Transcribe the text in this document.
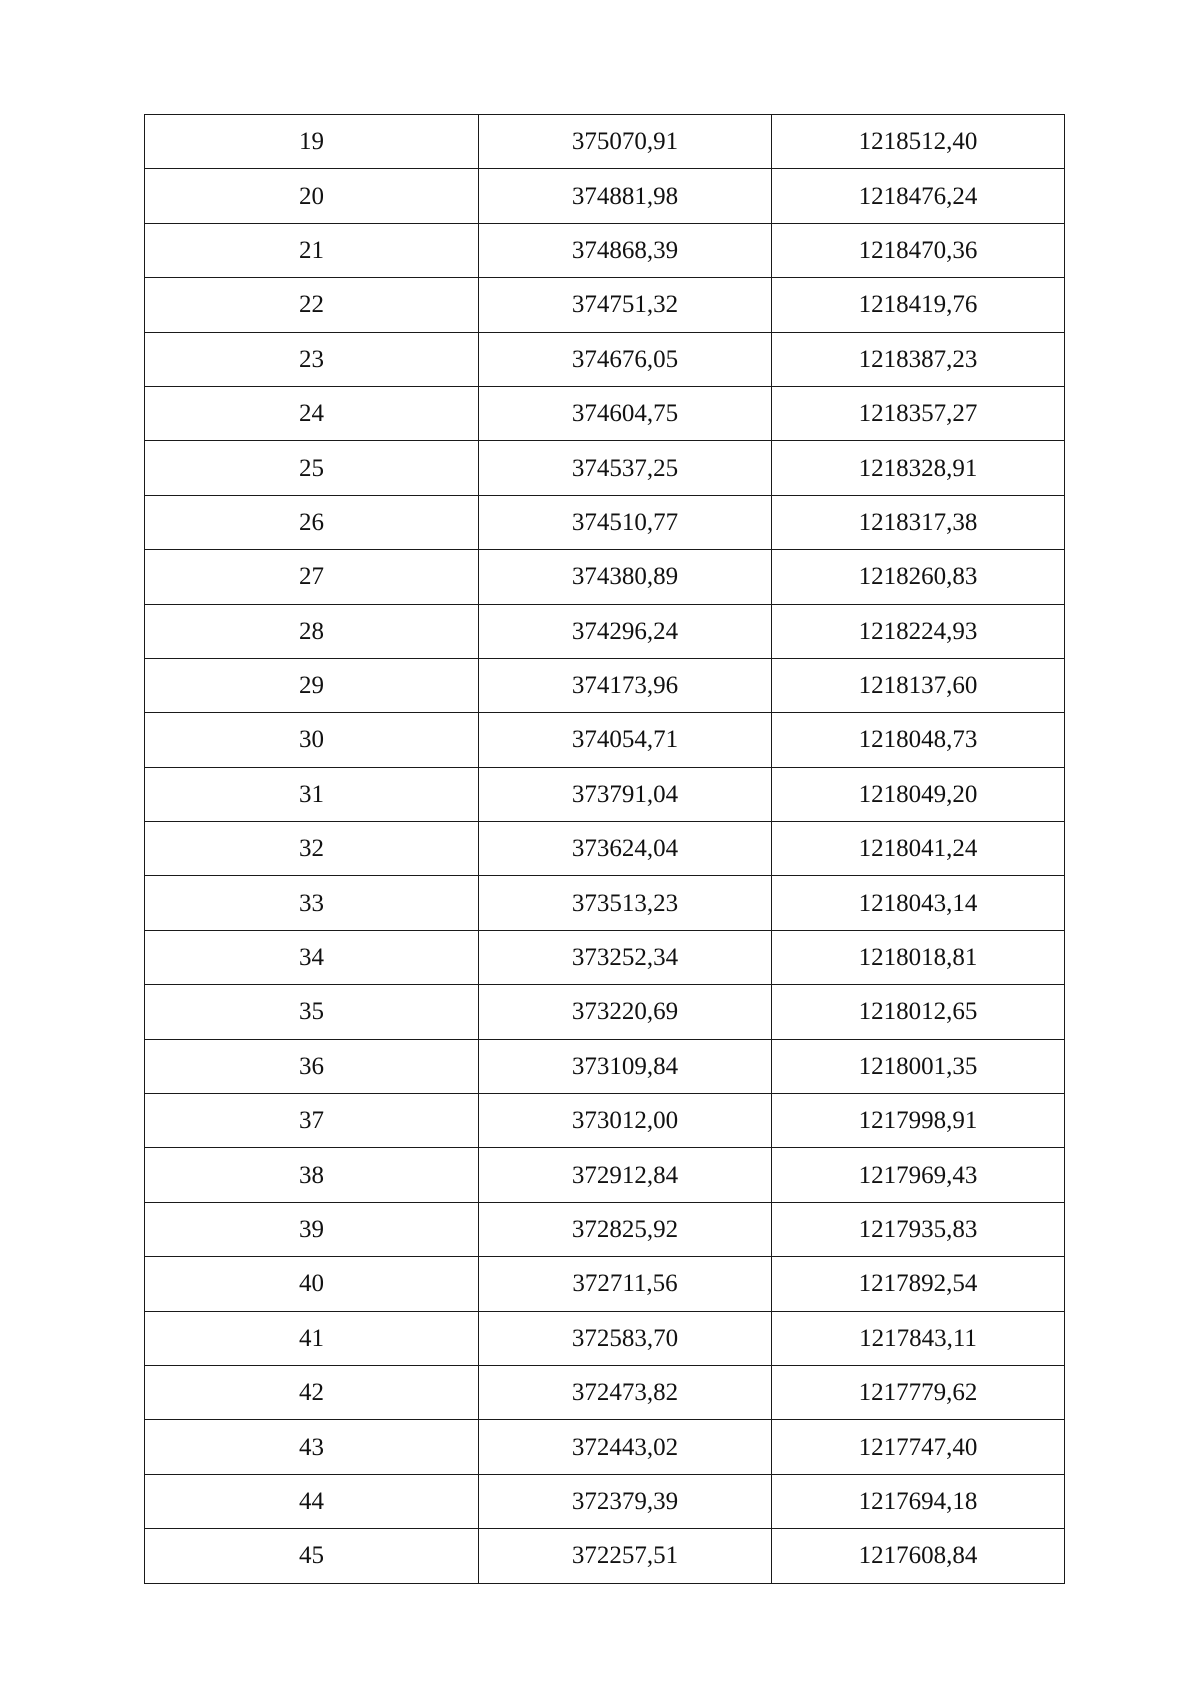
19	375070,91	1218512,40
20	374881,98	1218476,24
21	374868,39	1218470,36
22	374751,32	1218419,76
23	374676,05	1218387,23
24	374604,75	1218357,27
25	374537,25	1218328,91
26	374510,77	1218317,38
27	374380,89	1218260,83
28	374296,24	1218224,93
29	374173,96	1218137,60
30	374054,71	1218048,73
31	373791,04	1218049,20
32	373624,04	1218041,24
33	373513,23	1218043,14
34	373252,34	1218018,81
35	373220,69	1218012,65
36	373109,84	1218001,35
37	373012,00	1217998,91
38	372912,84	1217969,43
39	372825,92	1217935,83
40	372711,56	1217892,54
41	372583,70	1217843,11
42	372473,82	1217779,62
43	372443,02	1217747,40
44	372379,39	1217694,18
45	372257,51	1217608,84
